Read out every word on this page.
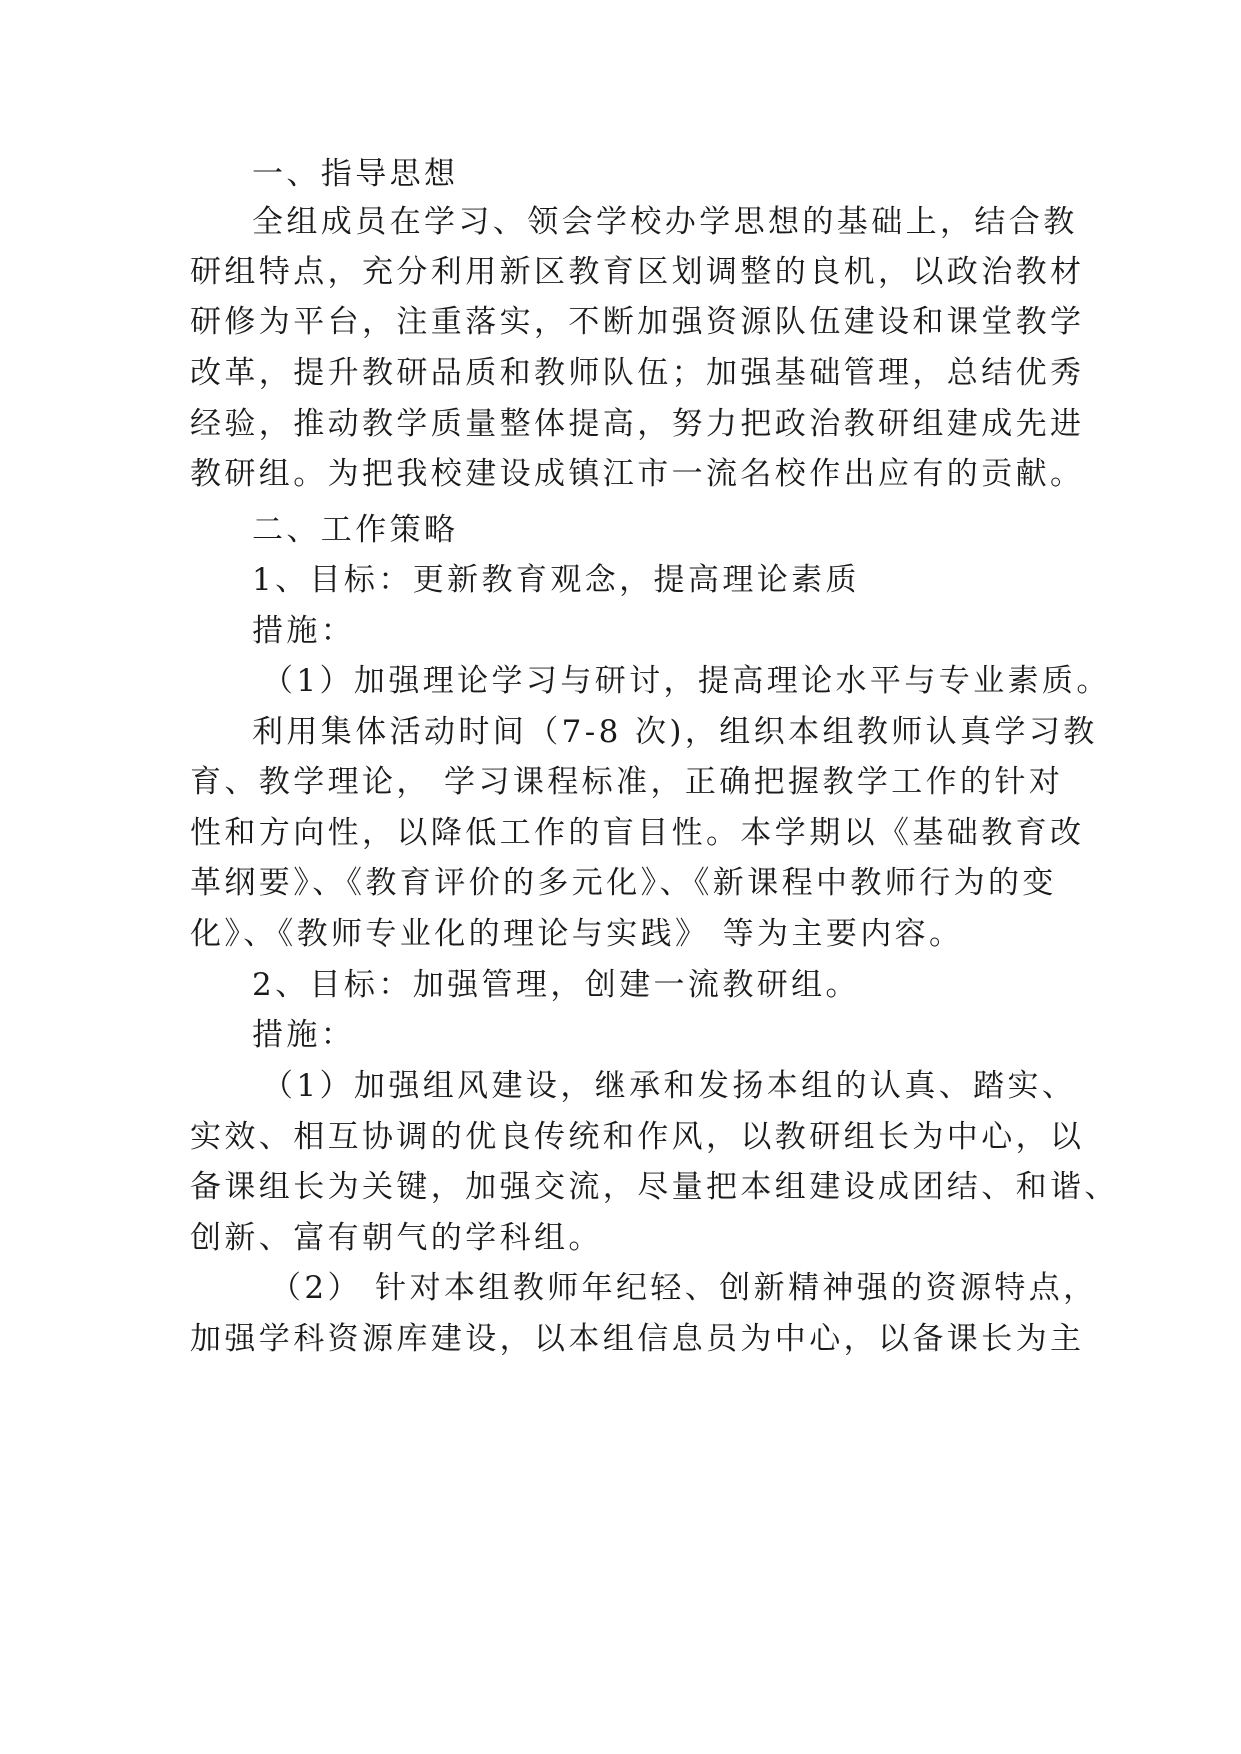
一、指导思想
全组成员在学习、领会学校办学思想的基础上，结合教
研组特点，充分利用新区教育区划调整的良机，以政治教材
研修为平台，注重落实，不断加强资源队伍建设和课堂教学
改革，提升教研品质和教师队伍；加强基础管理，总结优秀
经验，推动教学质量整体提高，努力把政治教研组建成先进
教研组。为把我校建设成镇江市一流名校作出应有的贡献。
二、工作策略
1、目标：更新教育观念，提高理论素质
措施：
（1）加强理论学习与研讨，提高理论水平与专业素质。
利用集体活动时间（7-8 次)，组织本组教师认真学习教
育、教学理论， 学习课程标准，正确把握教学工作的针对
性和方向性，以降低工作的盲目性。本学期以《基础教育改
革纲要》、《教育评价的多元化》、《新课程中教师行为的变
化》、《教师专业化的理论与实践》 等为主要内容。
2、目标：加强管理，创建一流教研组。
措施：
（1）加强组风建设，继承和发扬本组的认真、踏实、
实效、相互协调的优良传统和作风，以教研组长为中心，以
备课组长为关键，加强交流，尽量把本组建设成团结、和谐、
创新、富有朝气的学科组。
（2） 针对本组教师年纪轻、创新精神强的资源特点，
加强学科资源库建设，以本组信息员为中心，以备课长为主
